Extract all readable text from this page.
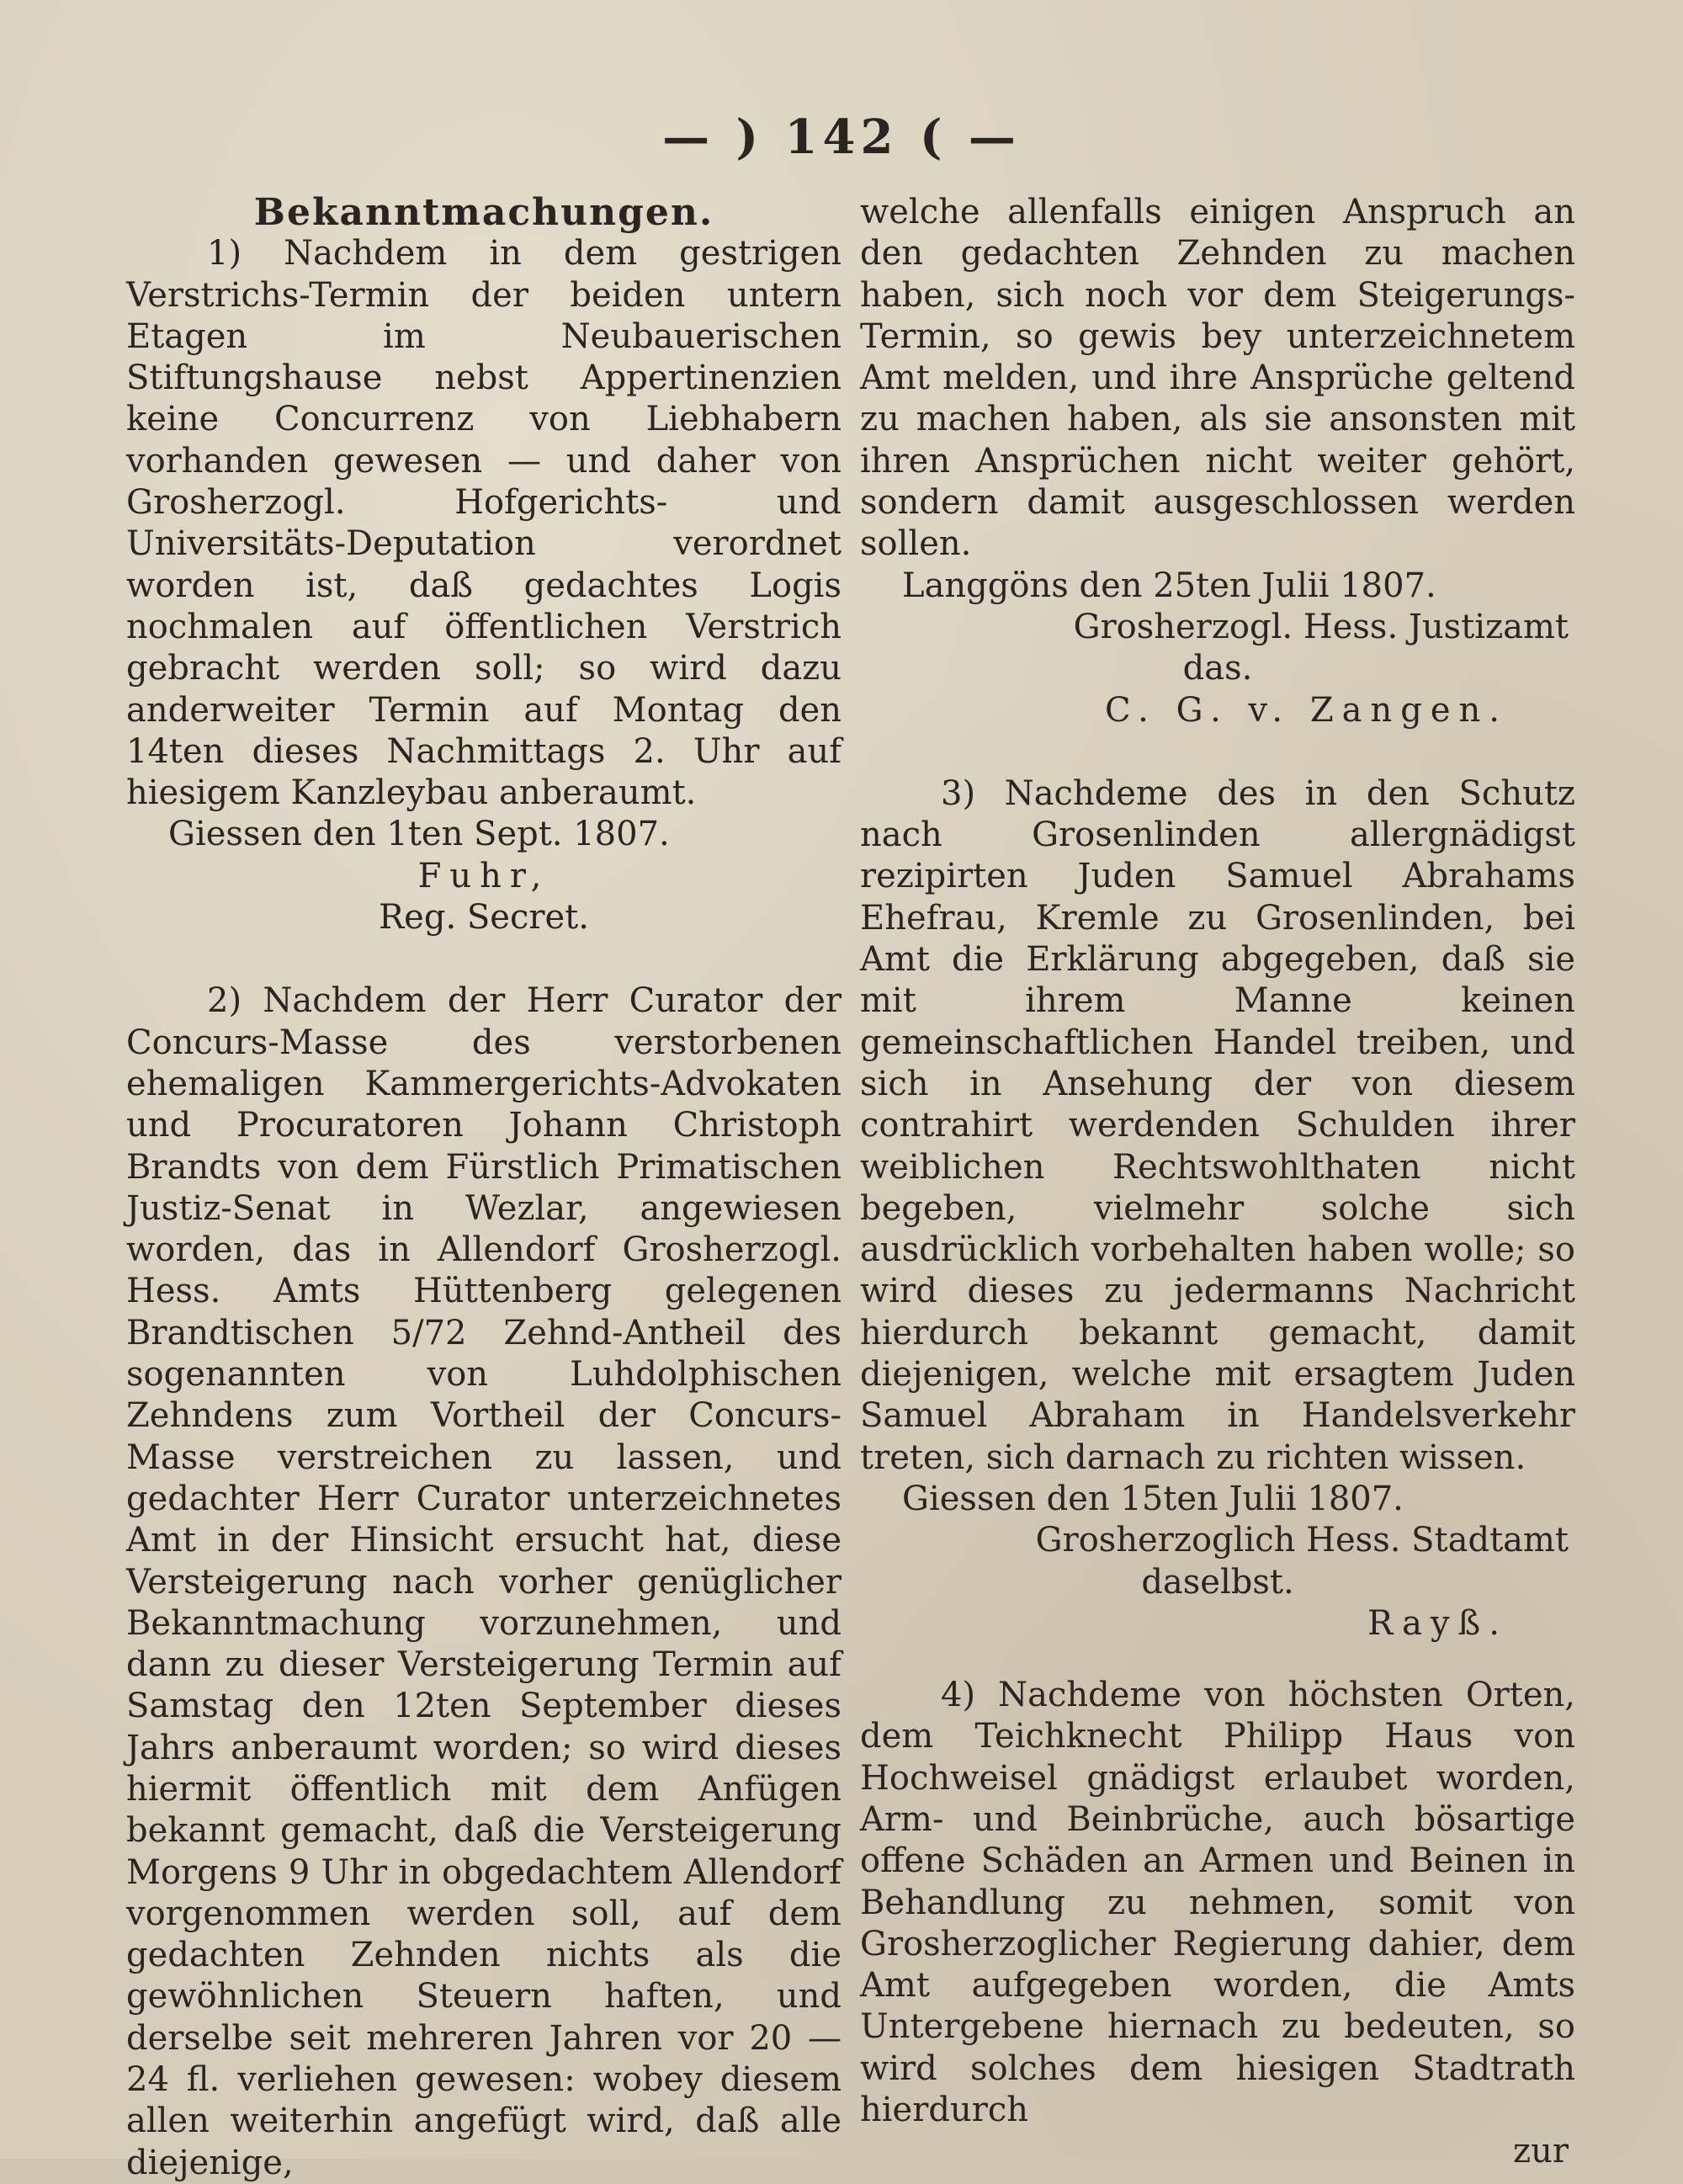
— ) 142 ( —

Bekanntmachungen.

1) Nachdem in dem gestrigen Verstrichs-Termin der beiden untern Etagen im Neubauerischen Stiftungshause nebst Appertinenzien keine Concurrenz von Liebhabern vorhanden gewesen — und daher von Grosherzogl. Hofgerichts- und Universitäts-Deputation verordnet worden ist, daß gedachtes Logis nochmalen auf öffentlichen Verstrich gebracht werden soll; so wird dazu anderweiter Termin auf Montag den 14ten dieses Nachmittags 2. Uhr auf hiesigem Kanzleybau anberaumt.

Giessen den 1ten Sept. 1807.

Fuhr,

Reg. Secret.

2) Nachdem der Herr Curator der Concurs-Masse des verstorbenen ehemaligen Kammergerichts-Advokaten und Procuratoren Johann Christoph Brandts von dem Fürstlich Primatischen Justiz-Senat in Wezlar, angewiesen worden, das in Allendorf Grosherzogl. Hess. Amts Hüttenberg gelegenen Brandtischen 5/72 Zehnd-Antheil des sogenannten von Luhdolphischen Zehndens zum Vortheil der Concurs-Masse verstreichen zu lassen, und gedachter Herr Curator unterzeichnetes Amt in der Hinsicht ersucht hat, diese Versteigerung nach vorher genüglicher Bekanntmachung vorzunehmen, und dann zu dieser Versteigerung Termin auf Samstag den 12ten September dieses Jahrs anberaumt worden; so wird dieses hiermit öffentlich mit dem Anfügen bekannt gemacht, daß die Versteigerung Morgens 9 Uhr in obgedachtem Allendorf vorgenommen werden soll, auf dem gedachten Zehnden nichts als die gewöhnlichen Steuern haften, und derselbe seit mehreren Jahren vor 20 — 24 fl. verliehen gewesen: wobey diesem allen weiterhin angefügt wird, daß alle diejenige,

welche allenfalls einigen Anspruch an den gedachten Zehnden zu machen haben, sich noch vor dem Steigerungs-Termin, so gewis bey unterzeichnetem Amt melden, und ihre Ansprüche geltend zu machen haben, als sie ansonsten mit ihren Ansprüchen nicht weiter gehört, sondern damit ausgeschlossen werden sollen.

Langgöns den 25ten Julii 1807.

Grosherzogl. Hess. Justizamt

das.

C. G. v. Zangen.

3) Nachdeme des in den Schutz nach Grosenlinden allergnädigst rezipirten Juden Samuel Abrahams Ehefrau, Kremle zu Grosenlinden, bei Amt die Erklärung abgegeben, daß sie mit ihrem Manne keinen gemeinschaftlichen Handel treiben, und sich in Ansehung der von diesem contrahirt werdenden Schulden ihrer weiblichen Rechtswohlthaten nicht begeben, vielmehr solche sich ausdrücklich vorbehalten haben wolle; so wird dieses zu jedermanns Nachricht hierdurch bekannt gemacht, damit diejenigen, welche mit ersagtem Juden Samuel Abraham in Handelsverkehr treten, sich darnach zu richten wissen.

Giessen den 15ten Julii 1807.

Grosherzoglich Hess. Stadtamt

daselbst.

Rayß.

4) Nachdeme von höchsten Orten, dem Teichknecht Philipp Haus von Hochweisel gnädigst erlaubet worden, Arm- und Beinbrüche, auch bösartige offene Schäden an Armen und Beinen in Behandlung zu nehmen, somit von Grosherzoglicher Regierung dahier, dem Amt aufgegeben worden, die Amts Untergebene hiernach zu bedeuten, so wird solches dem hiesigen Stadtrath hierdurch

zur
